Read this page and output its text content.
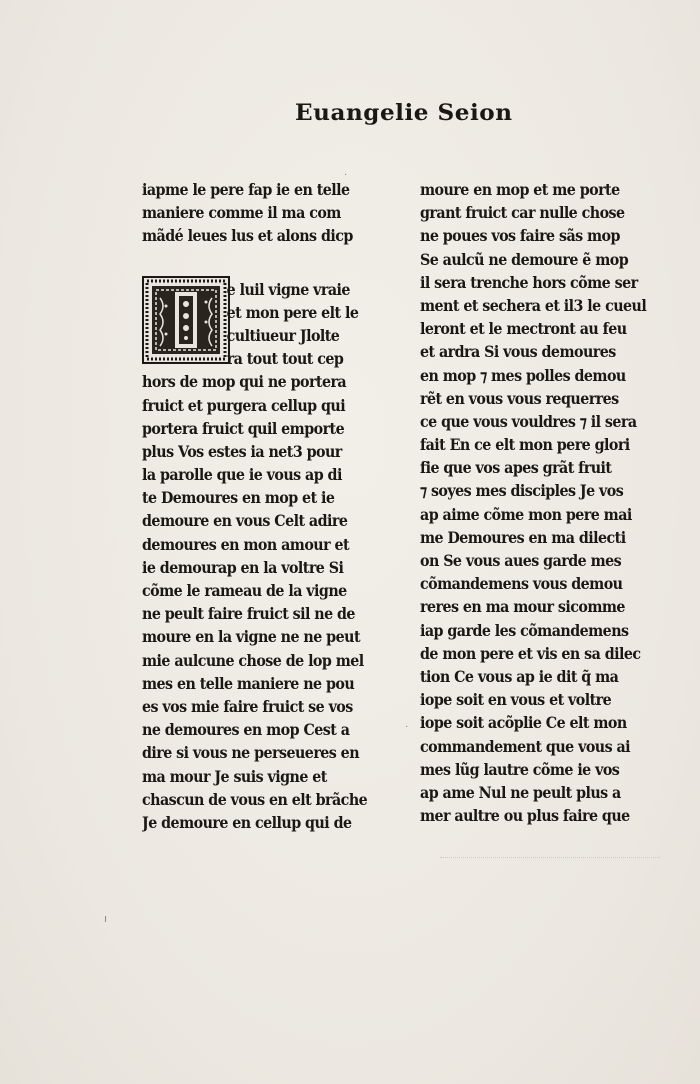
Euangelie Seion
iapme le pere fap ie en telle
maniere comme il ma com
mãdé leues lus et alons dicp
e luil vigne vraie
et mon pere elt le
cultiueur Jlolte
ra tout tout cep
hors de mop qui ne portera
fruict et purgera cellup qui
portera fruict quil emporte
plus Vos estes ia net3 pour
la parolle que ie vous ap di
te Demoures en mop et ie
demoure en vous Celt adire
demoures en mon amour et
ie demourap en la voltre Si
cõme le rameau de la vigne
ne peult faire fruict sil ne de
moure en la vigne ne ne peut
mie aulcune chose de lop mel
mes en telle maniere ne pou
es vos mie faire fruict se vos
ne demoures en mop Cest a
dire si vous ne perseueres en
ma mour Je suis vigne et
chascun de vous en elt brãche
Je demoure en cellup qui de
moure en mop et me porte
grant fruict car nulle chose
ne poues vos faire sãs mop
Se aulcũ ne demoure ẽ mop
il sera trenche hors cõme ser
ment et sechera et il3 le cueul
leront et le mectront au feu
et ardra Si vous demoures
en mop ⁊ mes polles demou
rẽt en vous vous requerres
ce que vous vouldres ⁊ il sera
fait En ce elt mon pere glori
fie que vos apes grãt fruit
⁊ soyes mes disciples Je vos
ap aime cõme mon pere mai
me Demoures en ma dilecti
on Se vous aues garde mes
cõmandemens vous demou
reres en ma mour sicomme
iap garde les cõmandemens
de mon pere et vis en sa dilec
tion Ce vous ap ie dit q̃ ma
iope soit en vous et voltre
iope soit acõplie Ce elt mon
commandement que vous ai
mes lũg lautre cõme ie vos
ap ame Nul ne peult plus a
mer aultre ou plus faire que
·
·
ı
